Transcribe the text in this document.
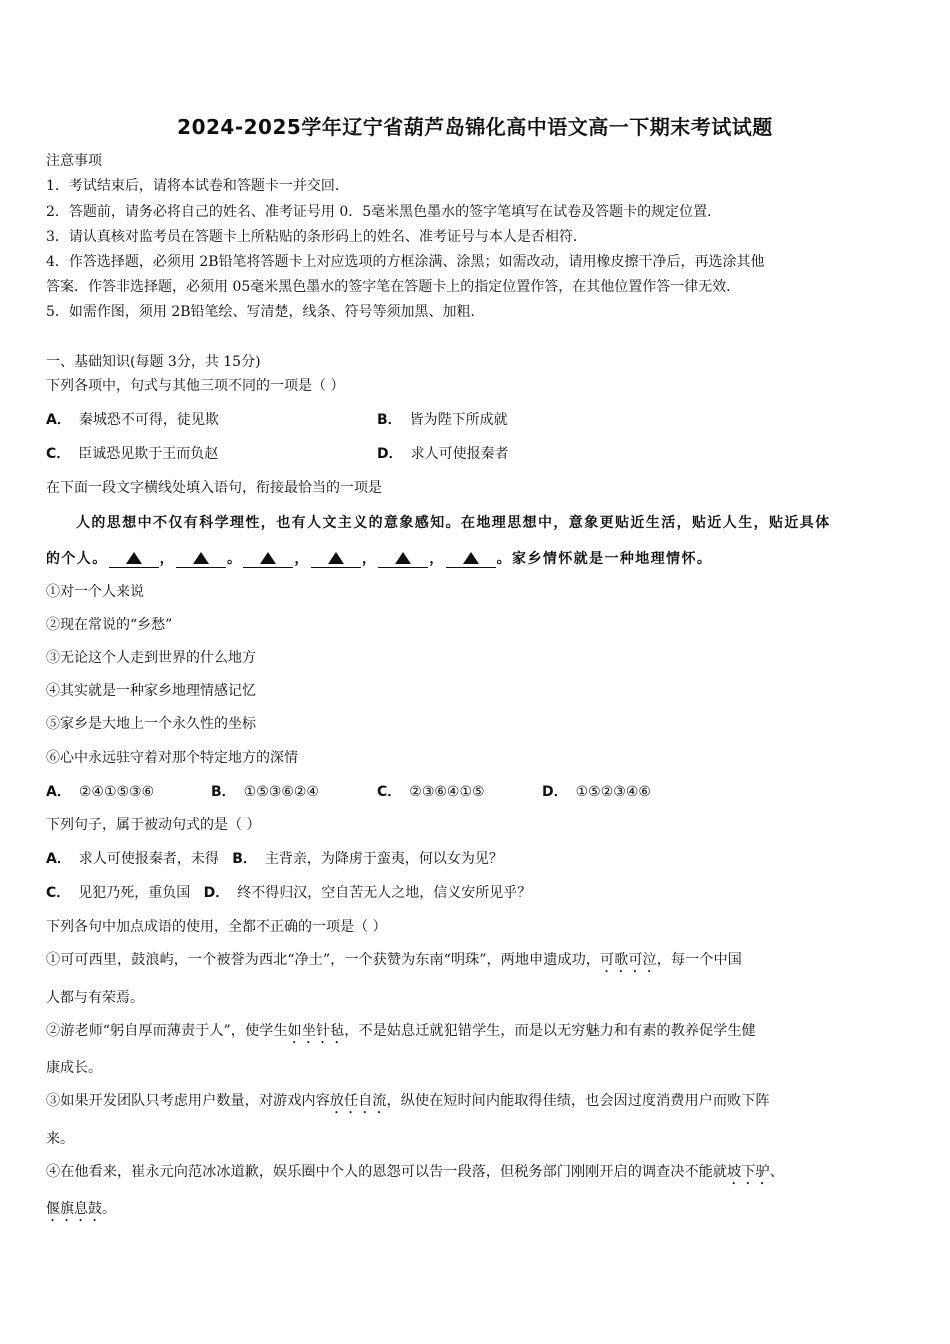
2024-2025学年辽宁省葫芦岛锦化高中语文高一下期末考试试题
注意事项
1．考试结束后，请将本试卷和答题卡一并交回．
2．答题前，请务必将自己的姓名、准考证号用 0．5毫米黑色墨水的签字笔填写在试卷及答题卡的规定位置．
3．请认真核对监考员在答题卡上所粘贴的条形码上的姓名、准考证号与本人是否相符．
4．作答选择题，必须用 2B铅笔将答题卡上对应选项的方框涂满、涂黑；如需改动，请用橡皮擦干净后，再选涂其他
答案．作答非选择题，必须用 05毫米黑色墨水的签字笔在答题卡上的指定位置作答，在其他位置作答一律无效．
5．如需作图，须用 2B铅笔绘、写清楚，线条、符号等须加黑、加粗．
一、基础知识(每题 3分，共 15分)
下列各项中，句式与其他三项不同的一项是（ ）
A． 秦城恐不可得，徒见欺	B． 皆为陛下所成就
C． 臣诚恐见欺于王而负赵	D． 求人可使报秦者
在下面一段文字横线处填入语句，衔接最恰当的一项是
人的思想中不仅有科学理性，也有人文主义的意象感知。在地理思想中，意象更贴近生活，贴近人生，贴近具体
的个人。	，	。	，	，	，	。家乡情怀就是一种地理情怀。
①对一个人来说
②现在常说的“乡愁”
③无论这个人走到世界的什么地方
④其实就是一种家乡地理情感记忆
⑤家乡是大地上一个永久性的坐标
⑥心中永远驻守着对那个特定地方的深情
A． ②④①⑤③⑥	B． ①⑤③⑥②④	C． ②③⑥④①⑤	D． ①⑤②③④⑥
下列句子，属于被动句式的是（ ）
A． 求人可使报秦者，未得 B． 主背亲，为降虏于蛮夷，何以女为见？
C． 见犯乃死，重负国 D． 终不得归汉，空自苦无人之地，信义安所见乎？
下列各句中加点成语的使用，全都不正确的一项是（ ）
①可可西里，鼓浪屿，一个被誉为西北“净土”，一个获赞为东南“明珠”，两地申遗成功，可歌可泣，每一个中国
人都与有荣焉。
②游老师“躬自厚而薄责于人”，使学生如坐针毡，不是姑息迁就犯错学生，而是以无穷魅力和有素的教养促学生健
康成长。
③如果开发团队只考虑用户数量，对游戏内容放任自流，纵使在短时间内能取得佳绩，也会因过度消费用户而败下阵
来。
④在他看来，崔永元向范冰冰道歉，娱乐圈中个人的恩怨可以告一段落，但税务部门刚刚开启的调查决不能就坡下驴、
偃旗息鼓。
